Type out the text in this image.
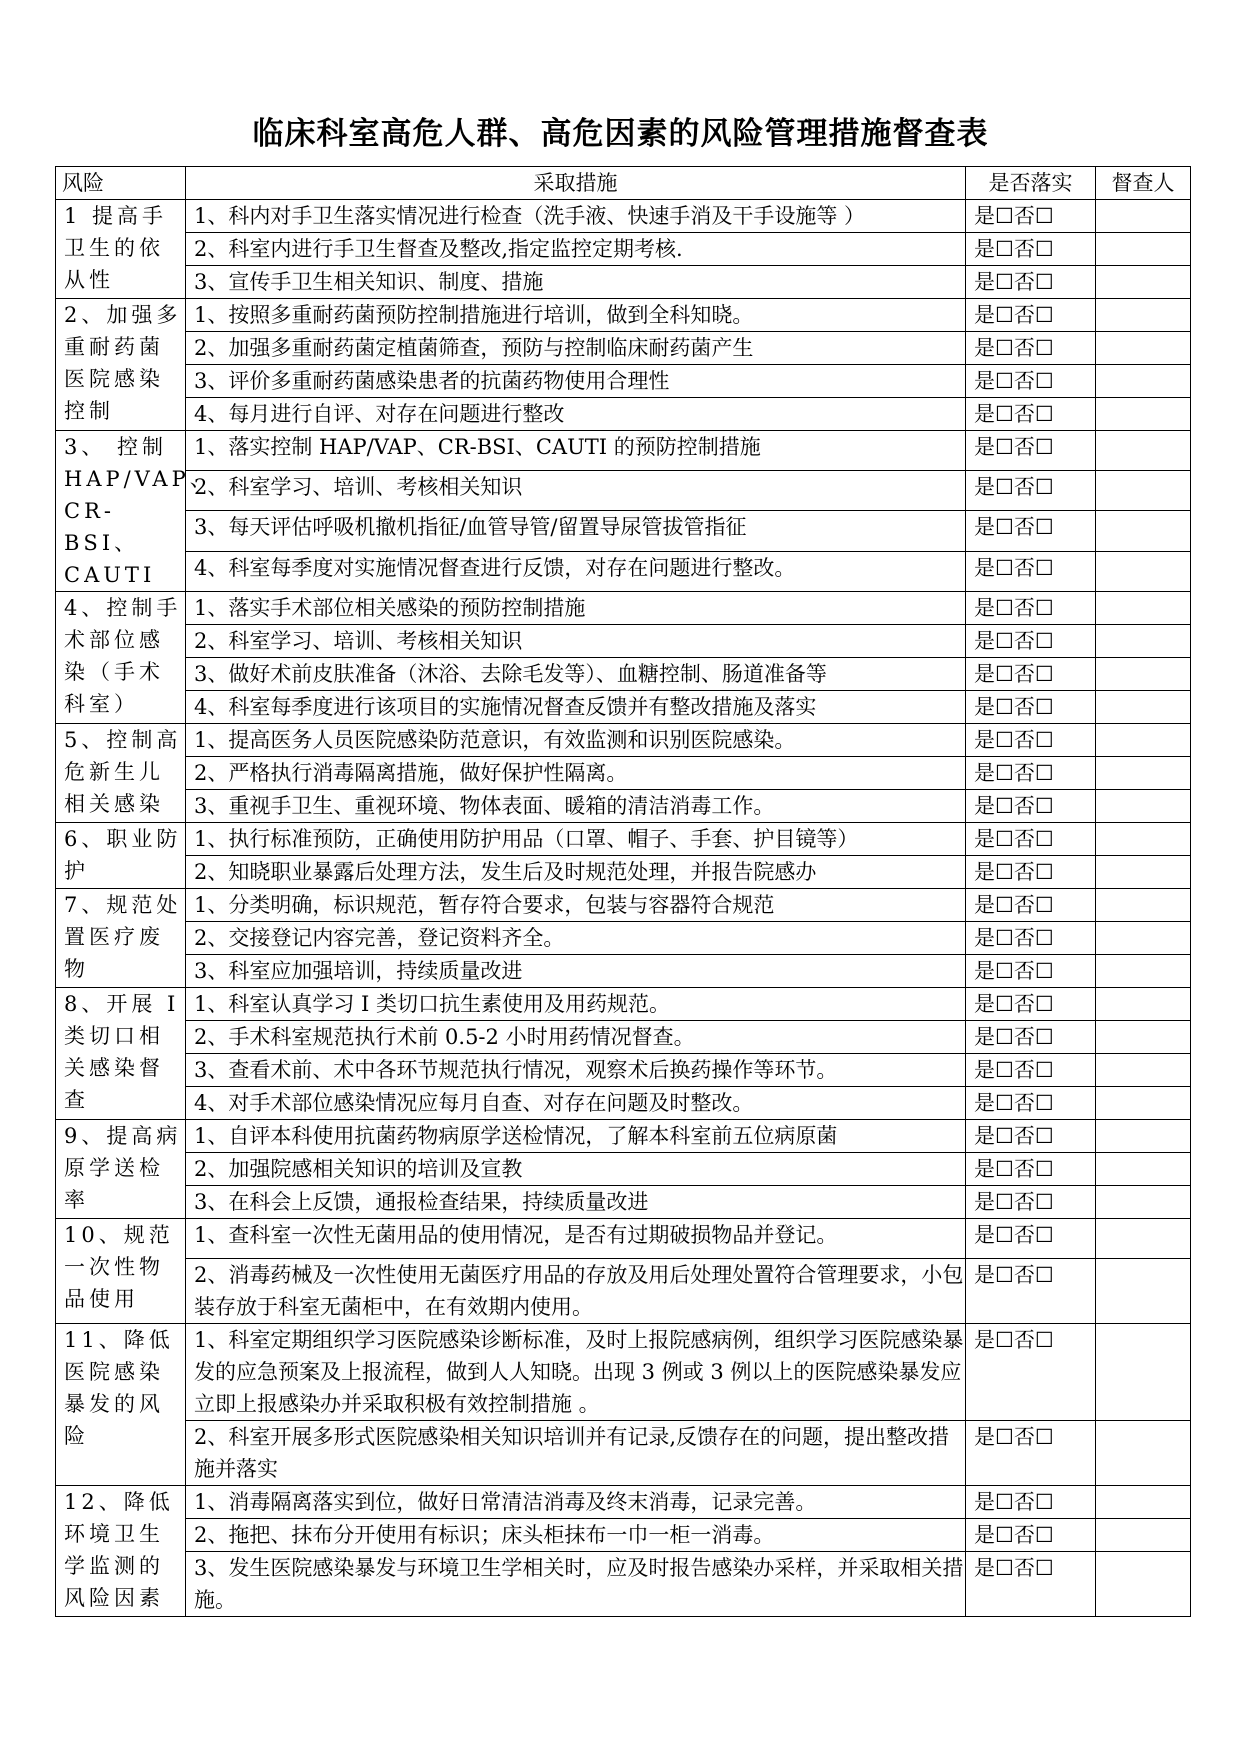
临床科室高危人群、高危因素的风险管理措施督查表
风险	采取措施	是否落实	督查人
1 提高手卫生的依从性	1、科内对手卫生落实情况进行检查（洗手液、快速手消及干手设施等 ）	是☐否☐	
	2、科室内进行手卫生督查及整改,指定监控定期考核.	是☐否☐	
	3、宣传手卫生相关知识、制度、措施	是☐否☐	
2、加强多重耐药菌医院感染控制	1、按照多重耐药菌预防控制措施进行培训，做到全科知晓。	是☐否☐	
	2、加强多重耐药菌定植菌筛查，预防与控制临床耐药菌产生	是☐否☐	
	3、评价多重耐药菌感染患者的抗菌药物使用合理性	是☐否☐	
	4、每月进行自评、对存在问题进行整改	是☐否☐	
3、 控制HAP/VAP、CR-BSI、CAUTI	1、落实控制 HAP/VAP、CR-BSI、CAUTI 的预防控制措施	是☐否☐	
	2、科室学习、培训、考核相关知识	是☐否☐	
	3、每天评估呼吸机撤机指征/血管导管/留置导尿管拔管指征	是☐否☐	
	4、科室每季度对实施情况督查进行反馈，对存在问题进行整改。	是☐否☐	
4、控制手术部位感染（手术科室）	1、落实手术部位相关感染的预防控制措施	是☐否☐	
	2、科室学习、培训、考核相关知识	是☐否☐	
	3、做好术前皮肤准备（沐浴、去除毛发等）、血糖控制、肠道准备等	是☐否☐	
	4、科室每季度进行该项目的实施情况督查反馈并有整改措施及落实	是☐否☐	
5、控制高危新生儿相关感染	1、提高医务人员医院感染防范意识，有效监测和识别医院感染。	是☐否☐	
	2、严格执行消毒隔离措施，做好保护性隔离。	是☐否☐	
	3、重视手卫生、重视环境、物体表面、暖箱的清洁消毒工作。	是☐否☐	
6、职业防护	1、执行标准预防，正确使用防护用品（口罩、帽子、手套、护目镜等）	是☐否☐	
	2、知晓职业暴露后处理方法，发生后及时规范处理，并报告院感办	是☐否☐	
7、规范处置医疗废物	1、分类明确，标识规范，暂存符合要求，包装与容器符合规范	是☐否☐	
	2、交接登记内容完善，登记资料齐全。	是☐否☐	
	3、科室应加强培训，持续质量改进	是☐否☐	
8、开展 I 类切口相关感染督查	1、科室认真学习 I 类切口抗生素使用及用药规范。	是☐否☐	
	2、手术科室规范执行术前 0.5-2 小时用药情况督查。	是☐否☐	
	3、查看术前、术中各环节规范执行情况，观察术后换药操作等环节。	是☐否☐	
	4、对手术部位感染情况应每月自查、对存在问题及时整改。	是☐否☐	
9、提高病原学送检率	1、自评本科使用抗菌药物病原学送检情况，了解本科室前五位病原菌	是☐否☐	
	2、加强院感相关知识的培训及宣教	是☐否☐	
	3、在科会上反馈，通报检查结果，持续质量改进	是☐否☐	
10、规范一次性物品使用	1、查科室一次性无菌用品的使用情况，是否有过期破损物品并登记。	是☐否☐	
	2、消毒药械及一次性使用无菌医疗用品的存放及用后处理处置符合管理要求，小包装存放于科室无菌柜中，在有效期内使用。	是☐否☐	
11、降低医院感染暴发的风险	1、科室定期组织学习医院感染诊断标准，及时上报院感病例，组织学习医院感染暴发的应急预案及上报流程，做到人人知晓。出现 3 例或 3 例以上的医院感染暴发应立即上报感染办并采取积极有效控制措施 。	是☐否☐	
	2、科室开展多形式医院感染相关知识培训并有记录,反馈存在的问题，提出整改措施并落实	是☐否☐	
12、降低环境卫生学监测的风险因素	1、消毒隔离落实到位，做好日常清洁消毒及终末消毒，记录完善。	是☐否☐	
	2、拖把、抹布分开使用有标识；床头柜抹布一巾一柜一消毒。	是☐否☐	
	3、发生医院感染暴发与环境卫生学相关时，应及时报告感染办采样，并采取相关措施。	是☐否☐	
